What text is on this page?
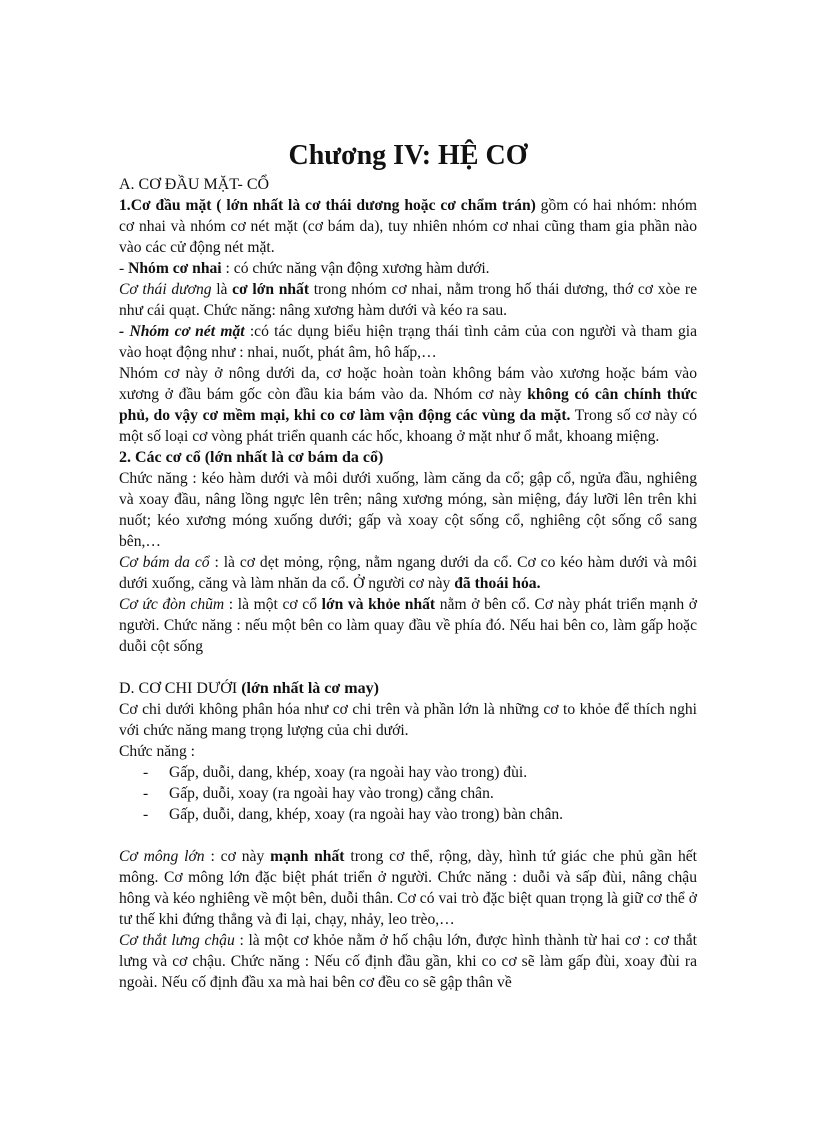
Chương IV: HỆ CƠ
A. CƠ ĐẦU MẶT- CỔ

1.Cơ đầu mặt ( lớn nhất là cơ thái dương hoặc cơ chẩm trán) gồm có hai nhóm: nhóm cơ nhai và nhóm cơ nét mặt (cơ bám da), tuy nhiên nhóm cơ nhai cũng tham gia phần nào vào các cử động nét mặt.

- Nhóm cơ nhai : có chức năng vận động xương hàm dưới.

Cơ thái dương là cơ lớn nhất trong nhóm cơ nhai, nằm trong hố thái dương, thớ cơ xòe re như cái quạt. Chức năng: nâng xương hàm dưới và kéo ra sau.

- Nhóm cơ nét mặt :có tác dụng biểu hiện trạng thái tình cảm của con người và tham gia vào hoạt động như : nhai, nuốt, phát âm, hô hấp,…

Nhóm cơ này ở nông dưới da, cơ hoặc hoàn toàn không bám vào xương hoặc bám vào xương ở đầu bám gốc còn đầu kia bám vào da. Nhóm cơ này không có cân chính thức phủ, do vậy cơ mềm mại, khi co cơ làm vận động các vùng da mặt. Trong số cơ này có một số loại cơ vòng phát triển quanh các hốc, khoang ở mặt như ổ mắt, khoang miệng.

2. Các cơ cổ (lớn nhất là cơ bám da cổ)

Chức năng : kéo hàm dưới và môi dưới xuống, làm căng da cổ; gập cổ, ngửa đầu, nghiêng và xoay đầu, nâng lồng ngực lên trên; nâng xương móng, sàn miệng, đáy lưỡi lên trên khi nuốt; kéo xương móng xuống dưới; gấp và xoay cột sống cổ, nghiêng cột sống cổ sang bên,…

Cơ bám da cổ : là cơ dẹt mỏng, rộng, nằm ngang dưới da cổ. Cơ co kéo hàm dưới và môi dưới xuống, căng và làm nhăn da cổ. Ở người cơ này đã thoái hóa.

Cơ ức đòn chũm : là một cơ cổ lớn và khỏe nhất nằm ở bên cổ. Cơ này phát triển mạnh ở người. Chức năng : nếu một bên co làm quay đầu về phía đó. Nếu hai bên co, làm gấp hoặc duỗi cột sống

D. CƠ CHI DƯỚI (lớn nhất là cơ may)

Cơ chi dưới không phân hóa như cơ chi trên và phần lớn là những cơ to khỏe để thích nghi với chức năng mang trọng lượng của chi dưới.

Chức năng :

- Gấp, duỗi, dang, khép, xoay (ra ngoài hay vào trong) đùi.
- Gấp, duỗi, xoay (ra ngoài hay vào trong) cẳng chân.
- Gấp, duỗi, dang, khép, xoay (ra ngoài hay vào trong) bàn chân.

Cơ mông lớn : cơ này mạnh nhất trong cơ thể, rộng, dày, hình tứ giác che phủ gần hết mông. Cơ mông lớn đặc biệt phát triển ở người. Chức năng : duỗi và sấp đùi, nâng chậu hông và kéo nghiêng về một bên, duỗi thân. Cơ có vai trò đặc biệt quan trọng là giữ cơ thể ở tư thế khi đứng thẳng và đi lại, chạy, nhảy, leo trèo,…

Cơ thắt lưng chậu : là một cơ khỏe nằm ở hố chậu lớn, được hình thành từ hai cơ : cơ thắt lưng và cơ chậu. Chức năng : Nếu cố định đầu gần, khi co cơ sẽ làm gấp đùi, xoay đùi ra ngoài. Nếu cố định đầu xa mà hai bên cơ đều co sẽ gập thân về
